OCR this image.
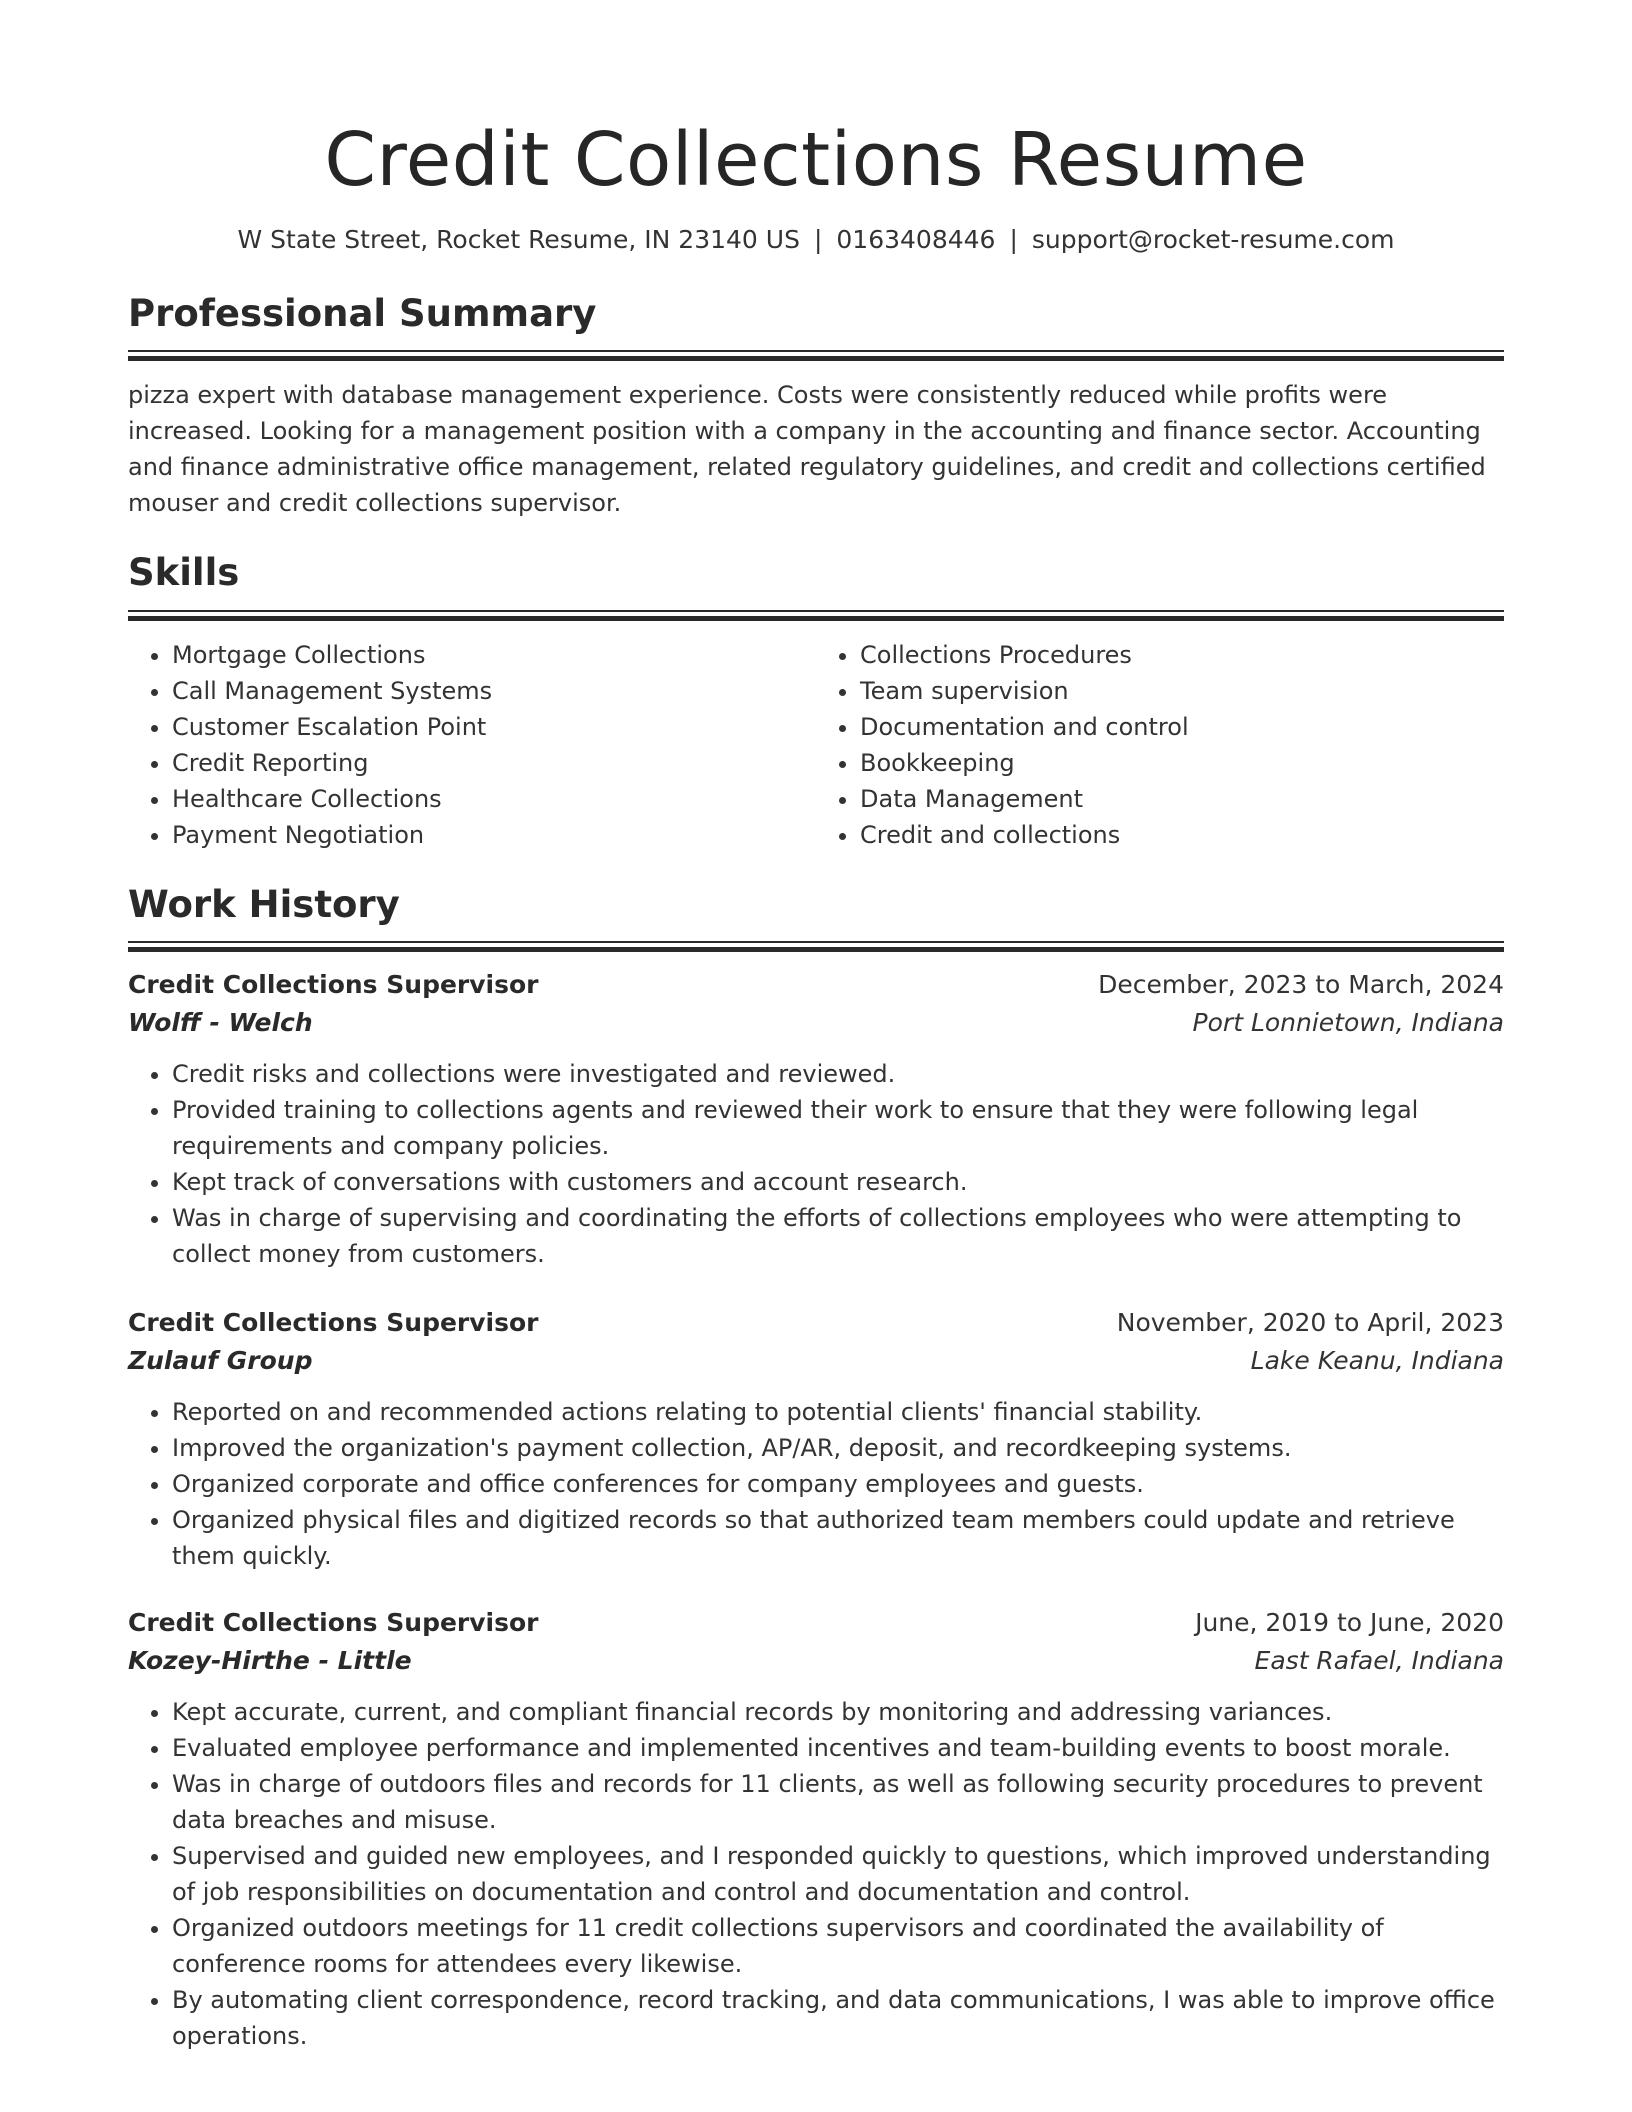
Credit Collections Resume
W State Street, Rocket Resume, IN 23140 US | 0163408446 | support@rocket-resume.com
Professional Summary
pizza expert with database management experience. Costs were consistently reduced while profits were increased. Looking for a management position with a company in the accounting and finance sector. Accounting and finance administrative office management, related regulatory guidelines, and credit and collections certified mouser and credit collections supervisor.
Skills
• Mortgage Collections
• Call Management Systems
• Customer Escalation Point
• Credit Reporting
• Healthcare Collections
• Payment Negotiation
• Collections Procedures
• Team supervision
• Documentation and control
• Bookkeeping
• Data Management
• Credit and collections
Work History
Credit Collections Supervisor	December, 2023 to March, 2024
Wolff - Welch	Port Lonnietown, Indiana
• Credit risks and collections were investigated and reviewed.
• Provided training to collections agents and reviewed their work to ensure that they were following legal requirements and company policies.
• Kept track of conversations with customers and account research.
• Was in charge of supervising and coordinating the efforts of collections employees who were attempting to collect money from customers.
Credit Collections Supervisor	November, 2020 to April, 2023
Zulauf Group	Lake Keanu, Indiana
• Reported on and recommended actions relating to potential clients' financial stability.
• Improved the organization's payment collection, AP/AR, deposit, and recordkeeping systems.
• Organized corporate and office conferences for company employees and guests.
• Organized physical files and digitized records so that authorized team members could update and retrieve them quickly.
Credit Collections Supervisor	June, 2019 to June, 2020
Kozey-Hirthe - Little	East Rafael, Indiana
• Kept accurate, current, and compliant financial records by monitoring and addressing variances.
• Evaluated employee performance and implemented incentives and team-building events to boost morale.
• Was in charge of outdoors files and records for 11 clients, as well as following security procedures to prevent data breaches and misuse.
• Supervised and guided new employees, and I responded quickly to questions, which improved understanding of job responsibilities on documentation and control and documentation and control.
• Organized outdoors meetings for 11 credit collections supervisors and coordinated the availability of conference rooms for attendees every likewise.
• By automating client correspondence, record tracking, and data communications, I was able to improve office operations.
